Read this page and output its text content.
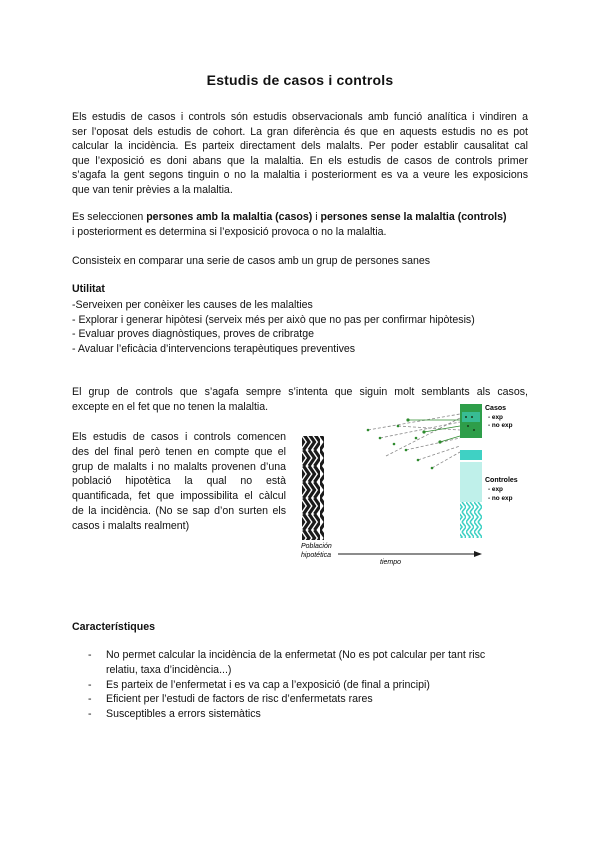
Estudis de casos i controls
Els estudis de casos i controls són estudis observacionals amb funció analítica i vindiren a
ser l’oposat dels estudis de cohort. La gran diferència és que en aquests estudis no es pot
calcular la incidència. Es parteix directament dels malalts. Per poder establir causalitat cal
que l’exposició es doni abans que la malaltia. En els estudis de casos de controls primer
s’agafa la gent segons tinguin o no la malaltia i posteriorment es va a veure les exposicions
que van tenir prèvies a la malaltia.
Es seleccionen persones amb la malaltia (casos) i persones sense la malaltia (controls)
i posteriorment es determina si l’exposició provoca o no la malaltia.
Consisteix en comparar una serie de casos amb un grup de persones sanes
Utilitat
-Serveixen per conèixer les causes de les malalties
- Explorar i generar hipòtesi (serveix més per això que no pas per confirmar hipòtesis)
- Evaluar proves diagnòstiques, proves de cribratge
- Avaluar l’eficàcia d’intervencions terapèutiques preventives
El grup de controls que s’agafa sempre s’intenta que siguin molt semblants als casos,
excepte en el fet que no tenen la malaltia.
Els estudis de casos i controls comencen
des del final però tenen en compte que el
grup de malalts i no malalts provenen d’una
població hipotètica la qual no està
quantificada, fet que impossibilita el càlcul
de la incidència. (No se sap d’on surten els
casos i malalts realment)
Casos
- exp
- no exp
Controles
- exp
- no exp
Población
hipotética
tiempo
Característiques
- No permet calcular la incidència de la enfermetat (No es pot calcular per tant risc
relatiu, taxa d’incidència...)
- Es parteix de l’enfermetat i es va cap a l’exposició (de final a principi)
- Eficient per l’estudi de factors de risc d’enfermetats rares
- Susceptibles a errors sistemàtics
